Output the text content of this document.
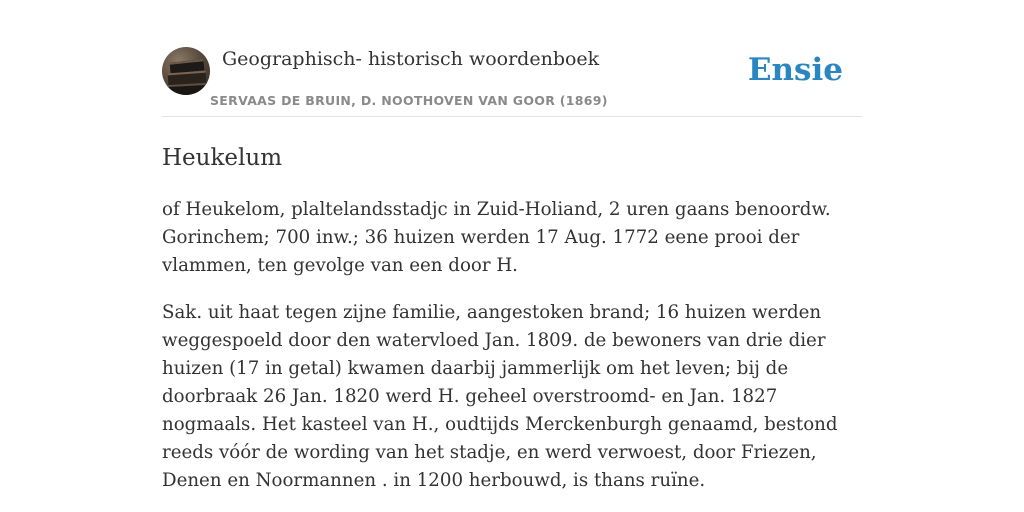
Geographisch- historisch woordenboek
SERVAAS DE BRUIN, D. NOOTHOVEN VAN GOOR (1869)
Ensie
Heukelum

of Heukelom, plaltelandsstadjc in Zuid-Holiand, 2 uren gaans benoordw. Gorinchem; 700 inw.; 36 huizen werden 17 Aug. 1772 eene prooi der vlammen, ten gevolge van een door H.

Sak. uit haat tegen zijne familie, aangestoken brand; 16 huizen werden weggespoeld door den watervloed Jan. 1809. de bewoners van drie dier huizen (17 in getal) kwamen daarbij jammerlijk om het leven; bij de doorbraak 26 Jan. 1820 werd H. geheel overstroomd- en Jan. 1827 nogmaals. Het kasteel van H., oudtijds Merckenburgh genaamd, bestond reeds vóór de wording van het stadje, en werd verwoest, door Friezen, Denen en Noormannen . in 1200 herbouwd, is thans ruïne.
